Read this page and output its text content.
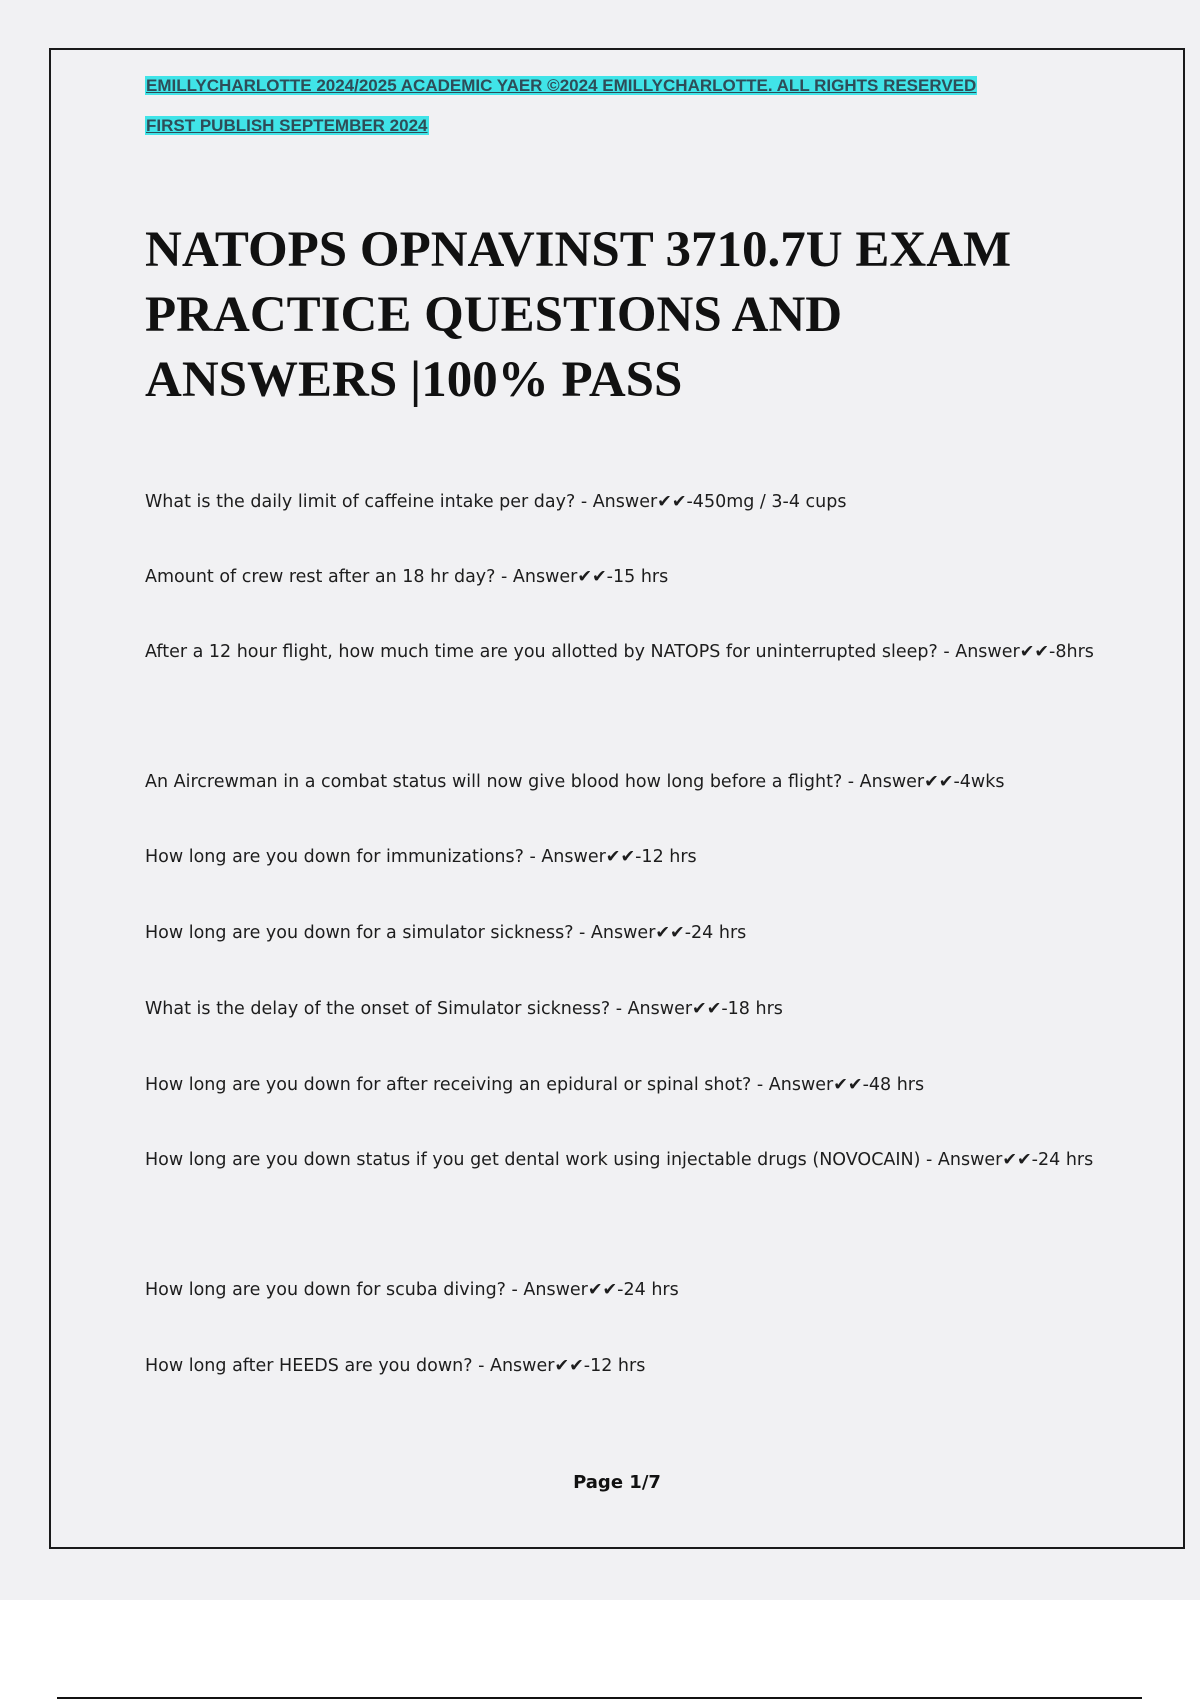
EMILLYCHARLOTTE 2024/2025 ACADEMIC YAER ©2024 EMILLYCHARLOTTE. ALL RIGHTS RESERVED
FIRST PUBLISH SEPTEMBER 2024
NATOPS OPNAVINST 3710.7U EXAM
PRACTICE QUESTIONS AND
ANSWERS |100% PASS

What is the daily limit of caffeine intake per day? - Answer✔✔-450mg / 3-4 cups

Amount of crew rest after an 18 hr day? - Answer✔✔-15 hrs

After a 12 hour flight, how much time are you allotted by NATOPS for uninterrupted sleep? - Answer✔✔-8hrs

An Aircrewman in a combat status will now give blood how long before a flight? - Answer✔✔-4wks

How long are you down for immunizations? - Answer✔✔-12 hrs

How long are you down for a simulator sickness? - Answer✔✔-24 hrs

What is the delay of the onset of Simulator sickness? - Answer✔✔-18 hrs

How long are you down for after receiving an epidural or spinal shot? - Answer✔✔-48 hrs

How long are you down status if you get dental work using injectable drugs (NOVOCAIN) - Answer✔✔-24 hrs

How long are you down for scuba diving? - Answer✔✔-24 hrs

How long after HEEDS are you down? - Answer✔✔-12 hrs

Page 1/7
